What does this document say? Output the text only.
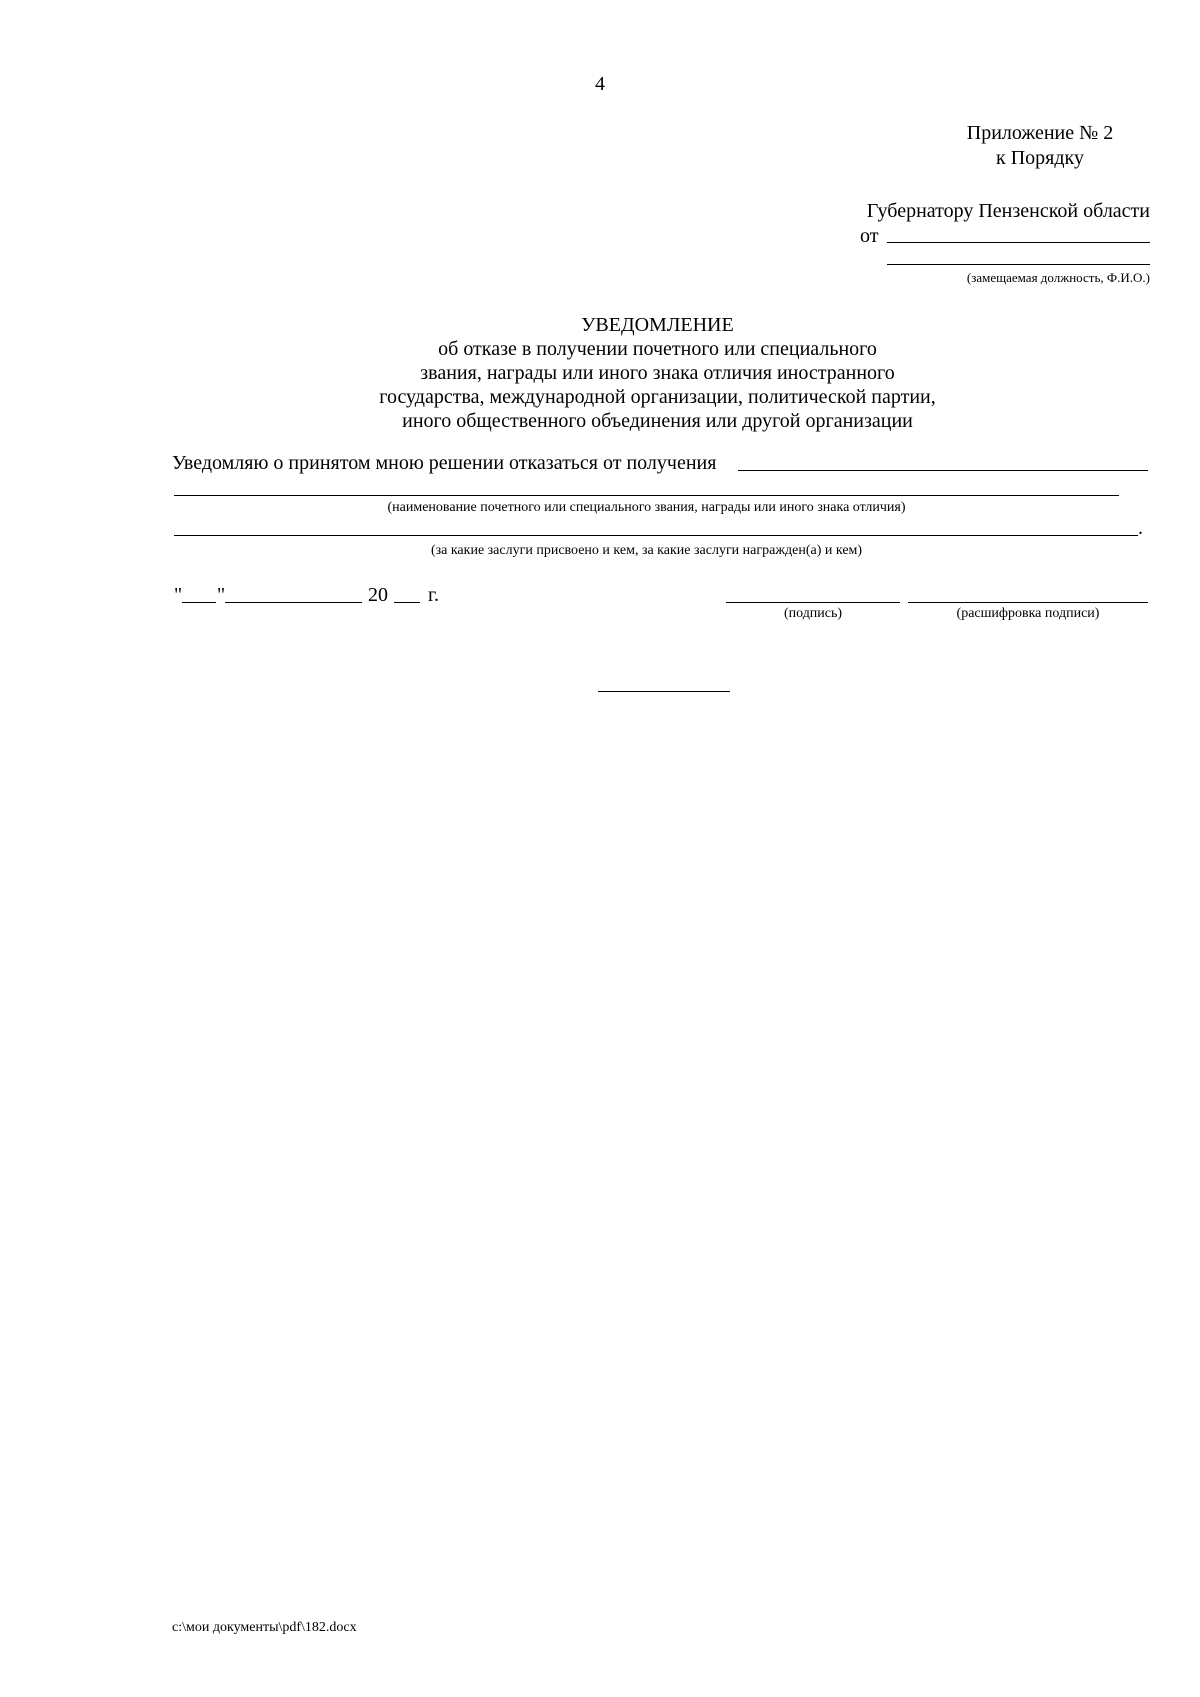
4
Приложение № 2
к Порядку
Губернатору Пензенской области
от
(замещаемая должность, Ф.И.О.)
УВЕДОМЛЕНИЕ
об отказе в получении почетного или специального
звания, награды или иного знака отличия иностранного
государства, международной организации, политической партии,
иного общественного объединения или другой организации
Уведомляю о принятом мною решении отказаться от получения
(наименование почетного или специального звания, награды или иного знака отличия)
.
(за какие заслуги присвоено и кем, за какие заслуги награжден(а) и кем)
" "	20 г.
(подпись)	(расшифровка подписи)
c:\мои документы\pdf\182.docx
